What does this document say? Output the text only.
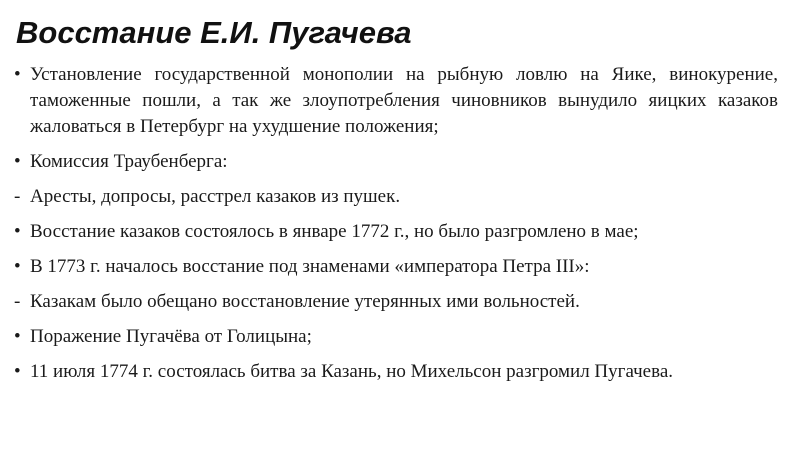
Восстание Е.И. Пугачева
•
Установление государственной монополии на рыбную ловлю на Яике, винокурение, таможенные пошли, а так же злоупотребления чиновников вынудило яицких казаков жаловаться в Петербург на ухудшение положения;
•
Комиссия Траубенберга:
-
Аресты, допросы, расстрел казаков из пушек.
•
Восстание казаков состоялось в январе 1772 г., но было разгромлено в мае;
•
В 1773 г. началось восстание под знаменами «императора Петра III»:
-
Казакам было обещано восстановление утерянных ими вольностей.
•
Поражение Пугачёва от Голицына;
•
11 июля 1774 г. состоялась битва за Казань, но Михельсон разгромил Пугачева.
